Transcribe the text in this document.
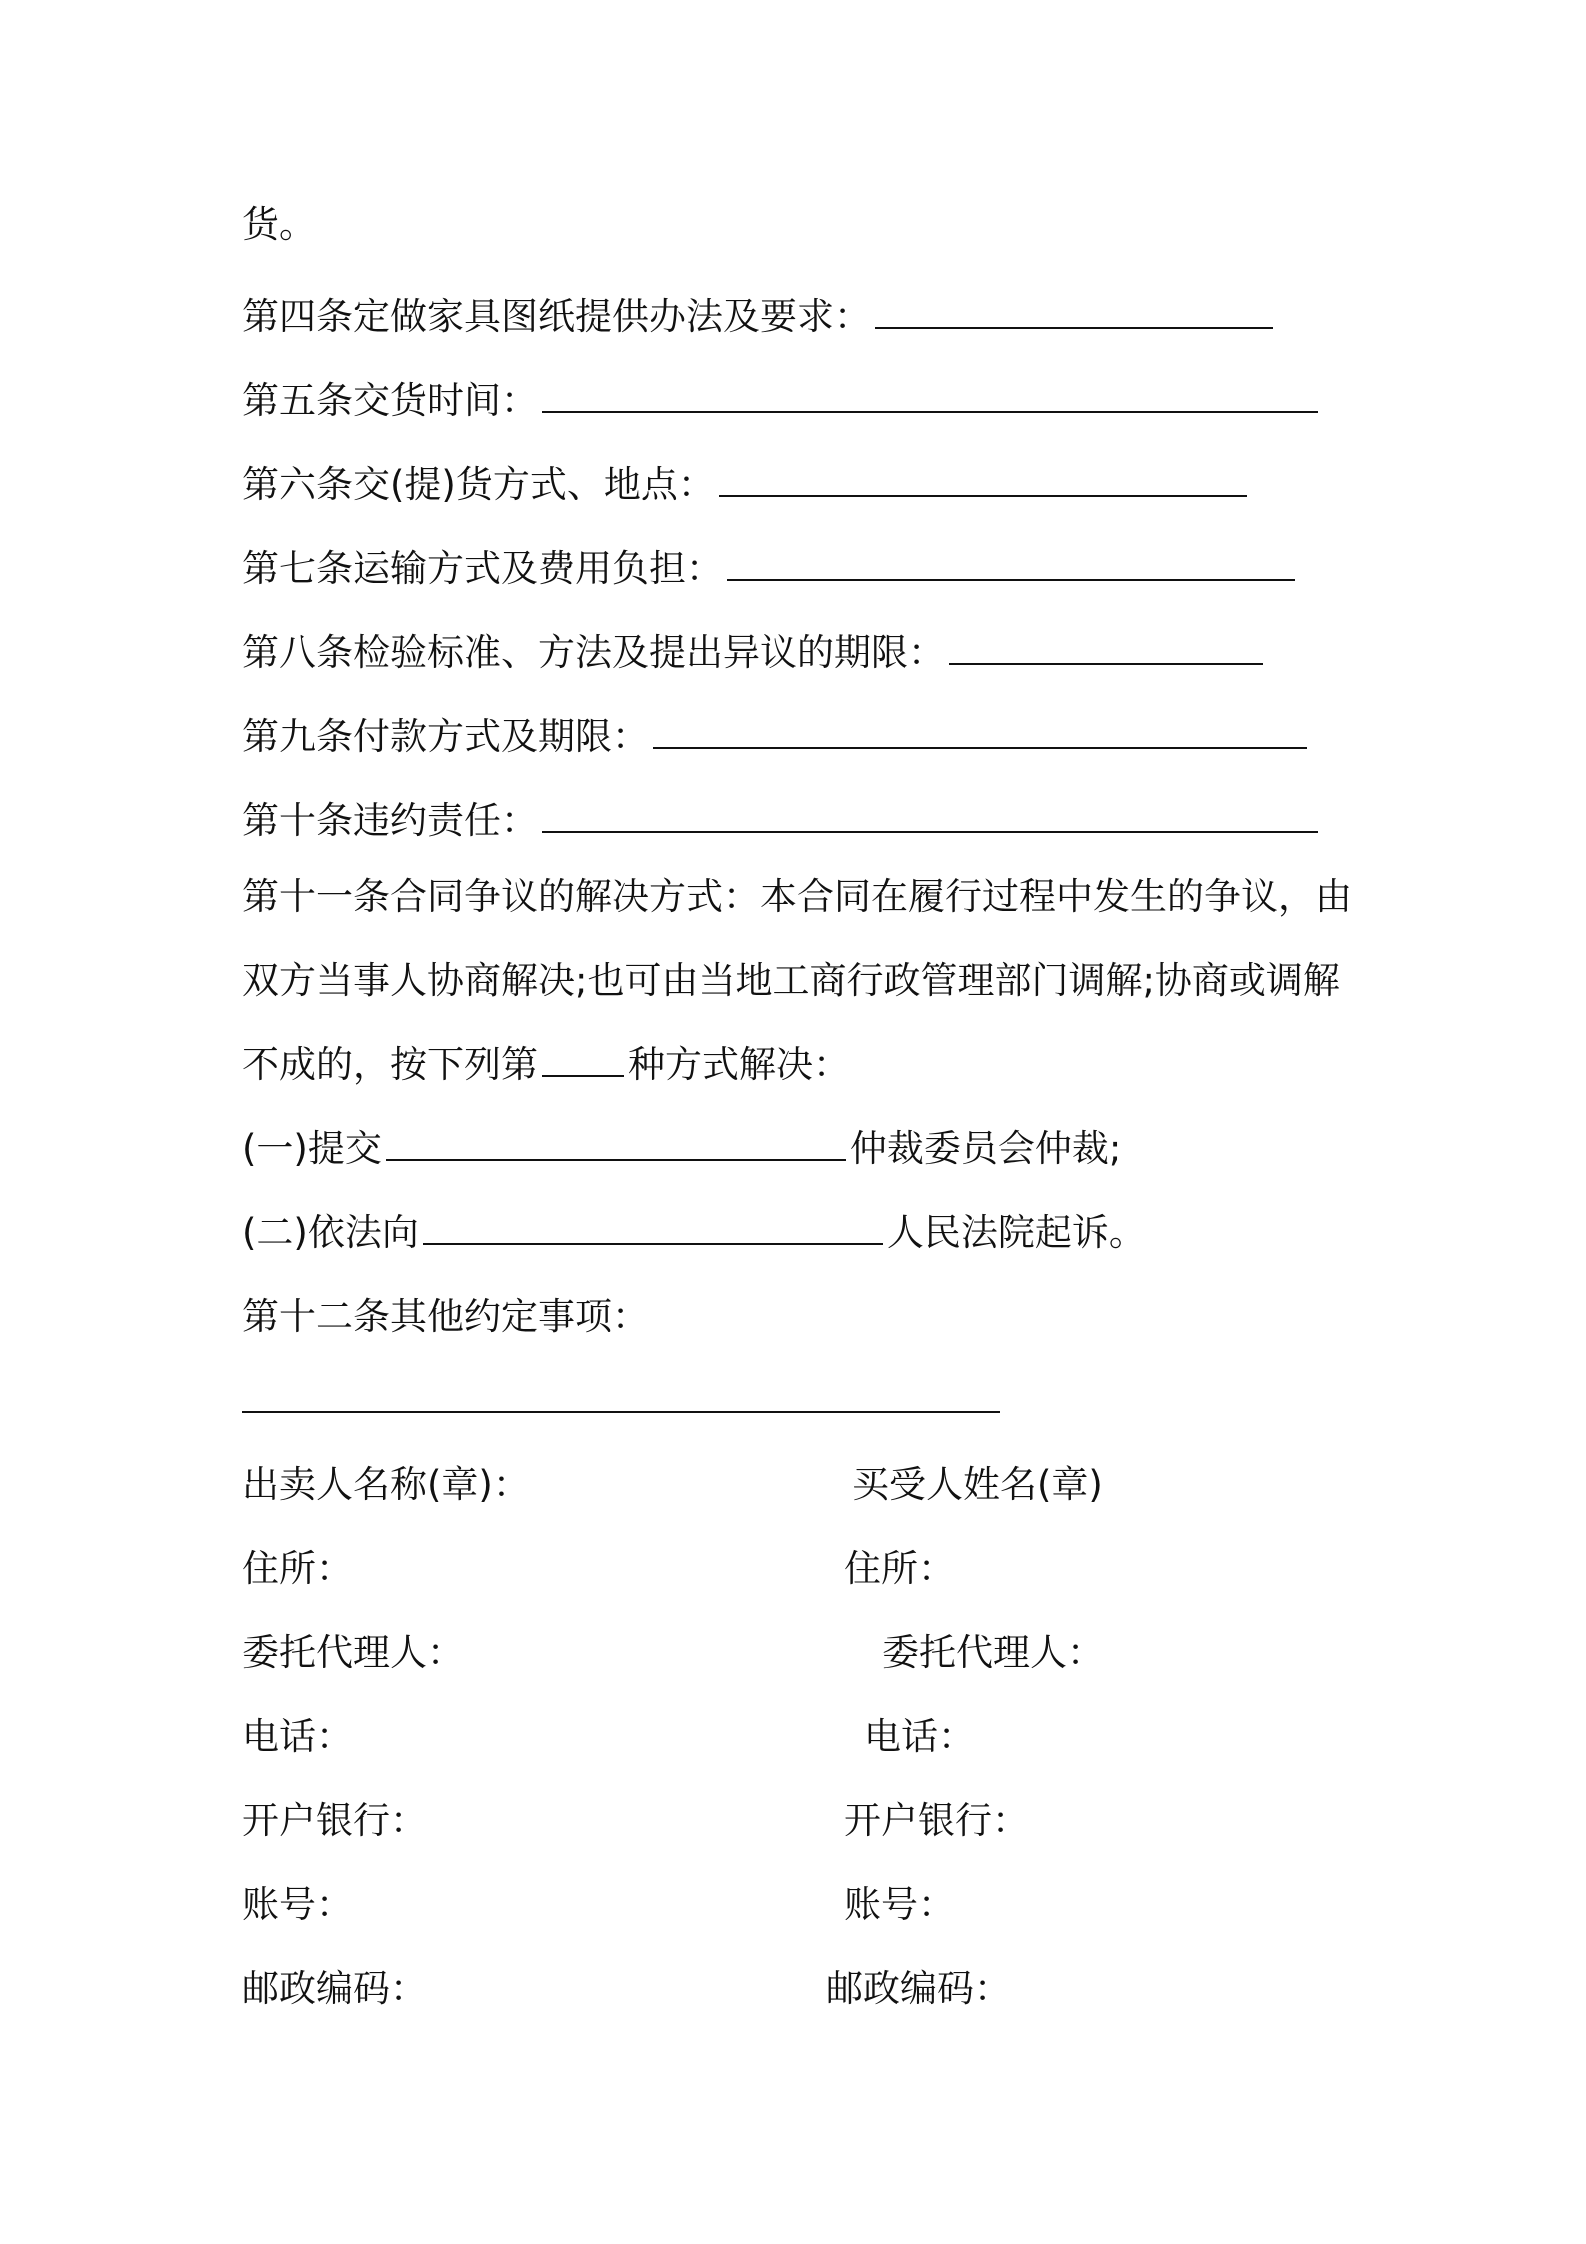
货。
第四条定做家具图纸提供办法及要求：
第五条交货时间：
第六条交(提)货方式、地点：
第七条运输方式及费用负担：
第八条检验标准、方法及提出异议的期限：
第九条付款方式及期限：
第十条违约责任：
第十一条合同争议的解决方式：本合同在履行过程中发生的争议，由
双方当事人协商解决;也可由当地工商行政管理部门调解;协商或调解
不成的，按下列第 种方式解决：
(一)提交	仲裁委员会仲裁;
(二)依法向	人民法院起诉。
第十二条其他约定事项：
出卖人名称(章)：
住所：
委托代理人：
电话：
开户银行：
账号：
邮政编码：
买受人姓名(章)
住所：
委托代理人：
电话：
开户银行：
账号：
邮政编码：
